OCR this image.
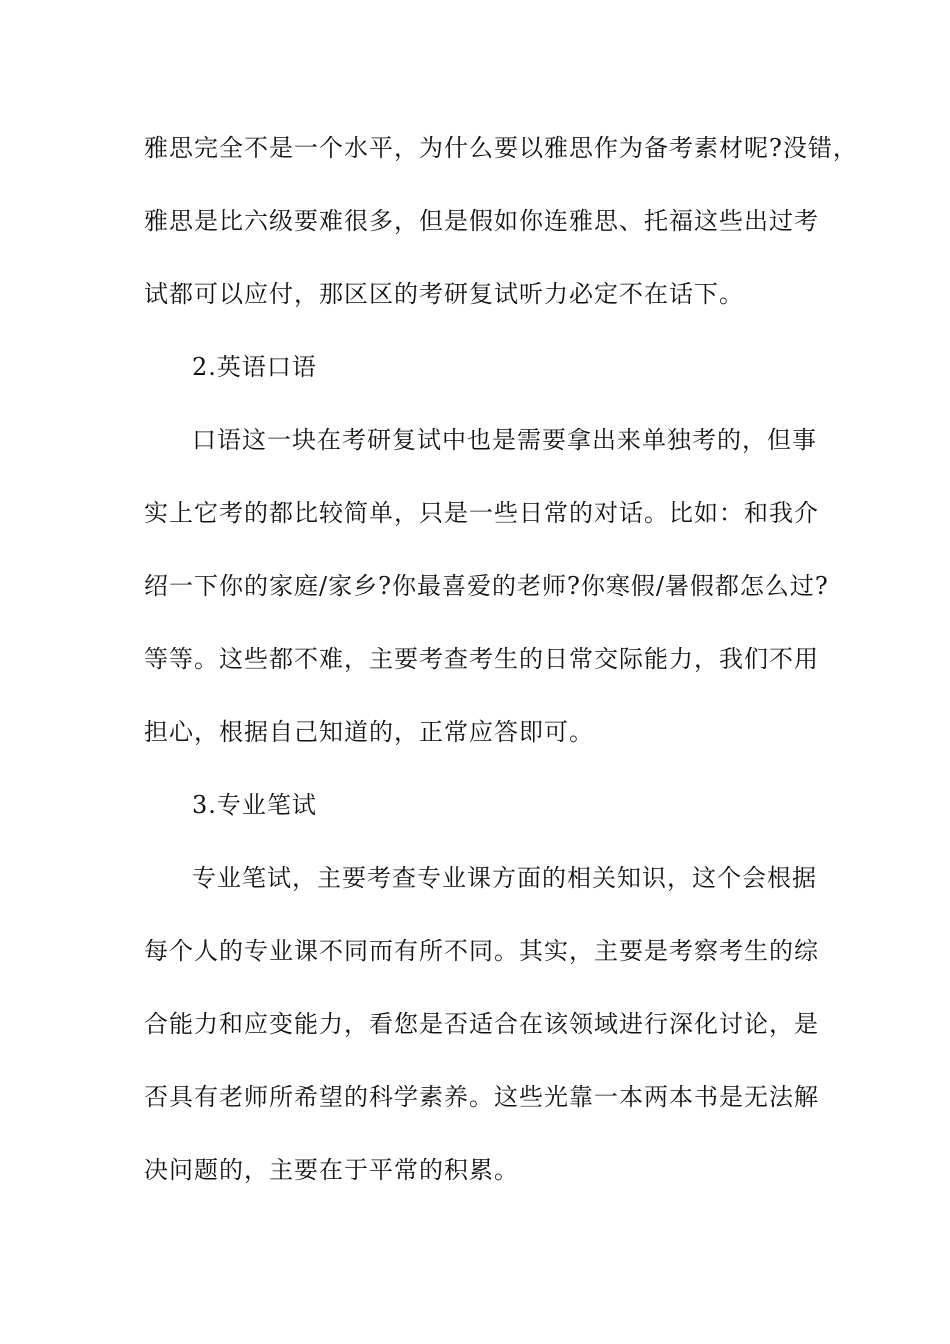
雅思完全不是一个水平，为什么要以雅思作为备考素材呢?没错，
雅思是比六级要难很多，但是假如你连雅思、托福这些出过考
试都可以应付，那区区的考研复试听力必定不在话下。
2.英语口语
口语这一块在考研复试中也是需要拿出来单独考的，但事
实上它考的都比较简单，只是一些日常的对话。比如：和我介
绍一下你的家庭/家乡?你最喜爱的老师?你寒假/暑假都怎么过?
等等。这些都不难，主要考查考生的日常交际能力，我们不用
担心，根据自己知道的，正常应答即可。
3.专业笔试
专业笔试，主要考查专业课方面的相关知识，这个会根据
每个人的专业课不同而有所不同。其实，主要是考察考生的综
合能力和应变能力，看您是否适合在该领域进行深化讨论，是
否具有老师所希望的科学素养。这些光靠一本两本书是无法解
决问题的，主要在于平常的积累。
